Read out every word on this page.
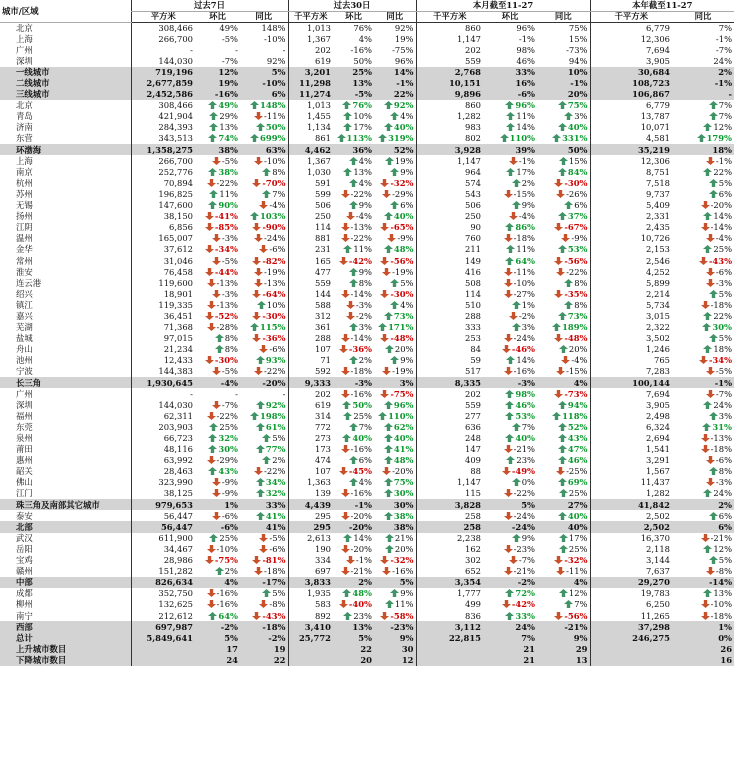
城市/区域	过去7日			过去30日			本月截至11-27			本年截至11-27	
	平方米	环比	同比	千平方米	环比	同比	千平方米	环比	同比	千平方米	同比
北京	308,466	49%	148%	1,013	76%	92%	860	96%	75%	6,779	7%
上海	266,700	-5%	-10%	1,367	4%	19%	1,147	-1%	15%	12,306	-1%
广州	-	-	-	202	-16%	-75%	202	98%	-73%	7,694	-7%
深圳	144,030	-7%	92%	619	50%	96%	559	46%	94%	3,905	24%
一线城市	719,196	12%	5%	3,201	25%	14%	2,768	33%	10%	30,684	2%
二线城市	2,677,859	19%	-10%	11,298	13%	-1%	10,151	16%	-1%	108,723	-1%
三线城市	2,452,586	-16%	6%	11,274	-5%	22%	9,896	-6%	20%	106,867	-
北京	308,466	49%	148%	1,013	76%	92%	860	96%	75%	6,779	7%
青岛	421,904	29%	-11%	1,455	10%	4%	1,282	11%	3%	13,787	7%
济南	284,393	13%	50%	1,134	17%	40%	983	14%	40%	10,071	12%
东营	343,513	74%	699%	861	113%	319%	802	110%	331%	4,581	179%
环渤海	1,358,275	38%	63%	4,462	36%	52%	3,928	39%	50%	35,219	18%
上海	266,700	-5%	-10%	1,367	4%	19%	1,147	-1%	15%	12,306	-1%
南京	252,776	38%	8%	1,030	13%	9%	964	17%	84%	8,751	22%
杭州	70,894	-22%	-70%	591	4%	-32%	574	2%	-30%	7,518	5%
苏州	196,825	11%	7%	599	-22%	-29%	543	-15%	-26%	9,737	6%
无锡	147,600	90%	-4%	506	9%	6%	506	9%	6%	5,409	-20%
扬州	38,150	-41%	103%	250	-4%	40%	250	-4%	37%	2,331	14%
江阴	6,856	-85%	-90%	114	-13%	-65%	90	86%	-67%	2,435	-14%
温州	165,007	-3%	-24%	881	-22%	-9%	760	-18%	-9%	10,726	-4%
金华	37,612	-34%	-6%	231	11%	48%	211	11%	53%	2,153	25%
常州	31,046	-5%	-82%	165	-42%	-56%	149	64%	-56%	2,546	-43%
淮安	76,458	-44%	-19%	477	9%	-19%	416	-11%	-22%	4,252	-6%
连云港	119,600	-13%	-13%	559	8%	5%	508	-10%	8%	5,899	-3%
绍兴	18,901	-3%	-64%	144	-14%	-30%	114	-27%	-35%	2,214	5%
镇江	119,335	-13%	10%	588	-3%	4%	510	1%	8%	5,734	-18%
嘉兴	36,451	-52%	-30%	312	-2%	73%	288	-2%	73%	3,015	22%
芜湖	71,368	-28%	115%	361	3%	171%	333	3%	189%	2,322	30%
盐城	97,015	8%	-36%	288	-14%	-48%	253	-24%	-48%	3,502	5%
舟山	21,234	8%	-6%	107	-36%	20%	84	-46%	20%	1,246	18%
池州	12,433	-30%	93%	71	2%	9%	59	14%	-4%	765	-34%
宁波	144,383	-5%	-22%	592	-18%	-19%	517	-16%	-15%	7,283	-5%
长三角	1,930,645	-4%	-20%	9,333	-3%	3%	8,335	-3%	4%	100,144	-1%
广州	-	-	-	202	-16%	-75%	202	98%	-73%	7,694	-7%
深圳	144,030	-7%	92%	619	50%	96%	559	46%	94%	3,905	24%
福州	62,311	-22%	198%	314	25%	110%	277	53%	118%	2,498	3%
东莞	203,903	25%	61%	772	7%	62%	636	7%	52%	6,324	31%
泉州	66,723	32%	5%	273	40%	40%	248	40%	43%	2,694	-13%
莆田	48,116	30%	77%	173	-16%	41%	147	-21%	47%	1,541	-18%
惠州	63,992	-29%	2%	474	6%	48%	409	23%	46%	3,291	-6%
韶关	28,463	43%	-22%	107	-45%	-20%	88	-49%	-25%	1,567	8%
佛山	323,990	-9%	34%	1,363	4%	75%	1,147	0%	69%	11,437	-3%
江门	38,125	-9%	32%	139	-16%	30%	115	-22%	25%	1,282	24%
珠三角及南部其它城市	979,653	1%	33%	4,439	-1%	30%	3,828	5%	27%	41,842	2%
泰安	56,447	-6%	41%	295	-20%	38%	258	-24%	40%	2,502	6%
北部	56,447	-6%	41%	295	-20%	38%	258	-24%	40%	2,502	6%
武汉	611,900	25%	-5%	2,613	14%	21%	2,238	9%	17%	16,370	-21%
岳阳	34,467	-10%	-6%	190	-20%	20%	162	-23%	25%	2,118	12%
宝鸡	28,986	-75%	-81%	334	-1%	-32%	302	-7%	-32%	3,144	5%
赣州	151,282	2%	-18%	697	-21%	-16%	652	-21%	-11%	7,637	-8%
中部	826,634	4%	-17%	3,833	2%	5%	3,354	-2%	4%	29,270	-14%
成都	352,750	-16%	5%	1,935	48%	9%	1,777	72%	12%	19,783	13%
柳州	132,625	-16%	-8%	583	-40%	11%	499	-42%	7%	6,250	-10%
南宁	212,612	64%	-43%	892	23%	-58%	836	33%	-56%	11,265	-18%
西部	697,987	-2%	-18%	3,410	13%	-23%	3,112	24%	-21%	37,298	1%
总计	5,849,641	5%	-2%	25,772	5%	9%	22,815	7%	9%	246,275	0%
上升城市数目		17	19		22	30		21	29		26
下降城市数目		24	22		20	12		21	13		16
